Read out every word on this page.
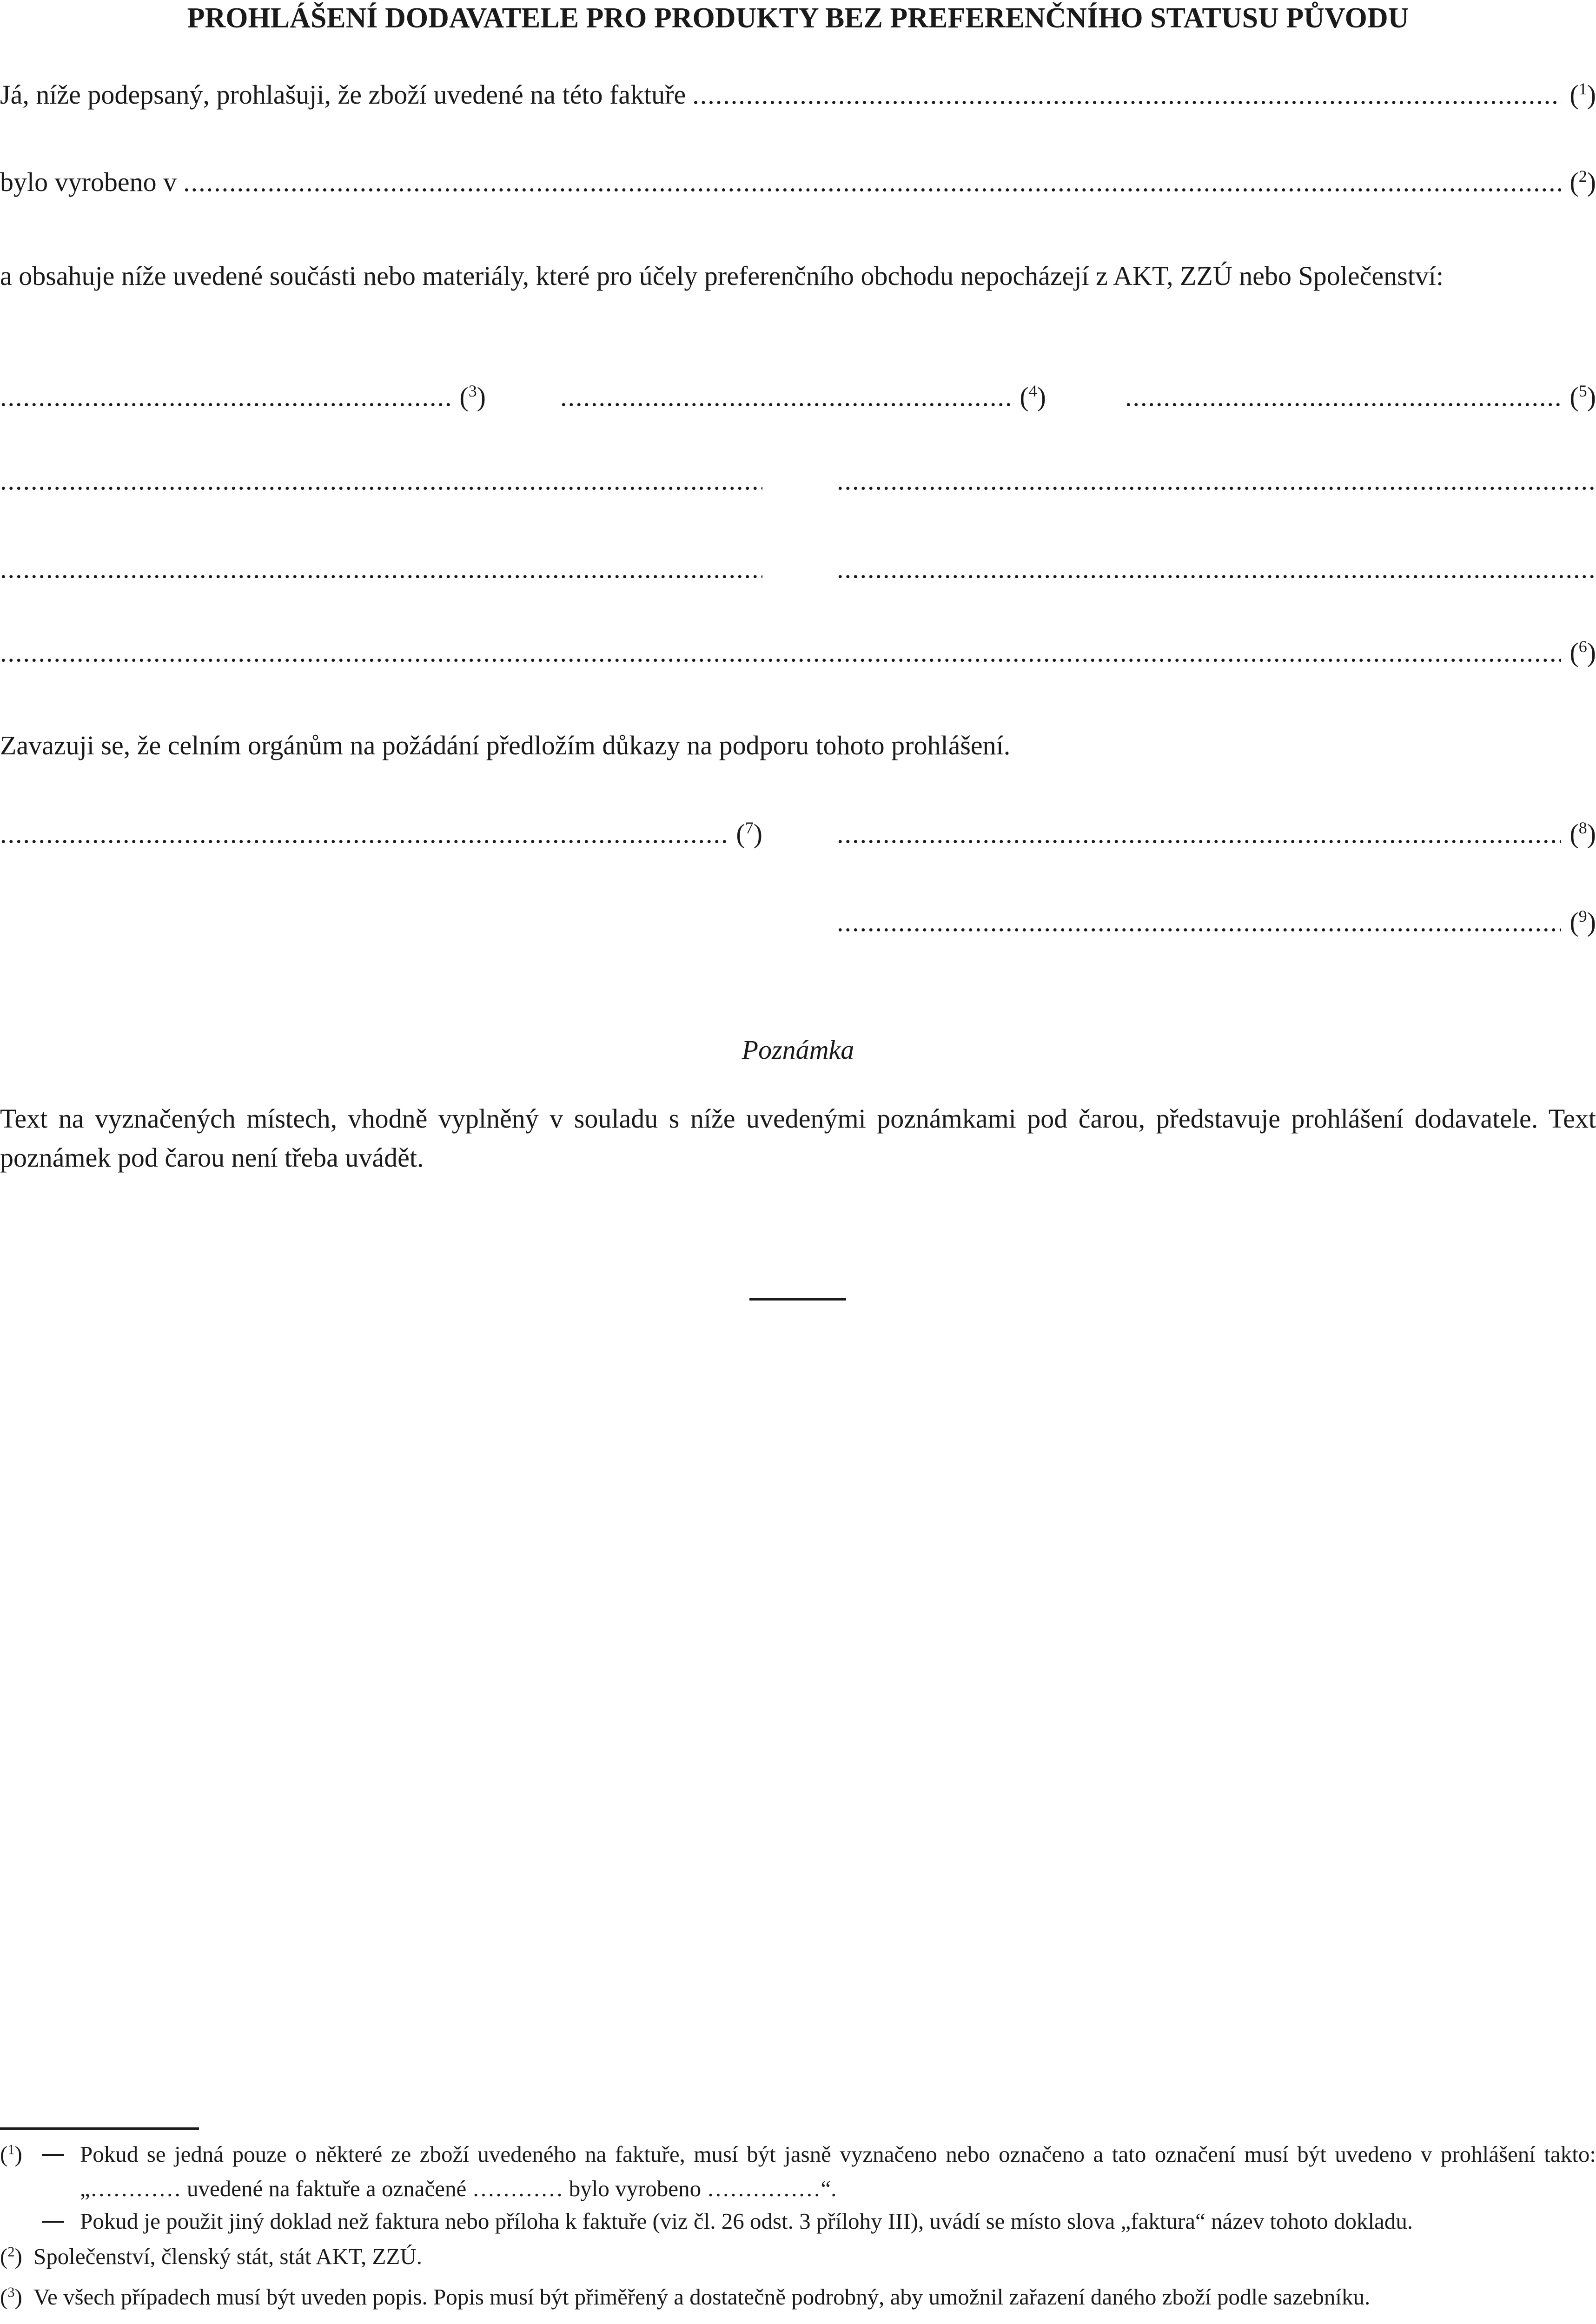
PROHLÁŠENÍ DODAVATELE PRO PRODUKTY BEZ PREFERENČNÍHO STATUSU PŮVODU
Já, níže podepsaný, prohlašuji, že zboží uvedené na této faktuře .....	($^1$)
bylo vyrobeno v .....	($^2$)
a obsahuje níže uvedené součásti nebo materiály, které pro účely preferenčního obchodu nepocházejí z AKT, ZZÚ nebo Společenství:
.....
($^3$) .....	($^4$) .....	($^5$)
.....
.....
.....
.....
.....
($^6$)
Zavazuji se, že celním orgánům na požádání předložím důkazy na podporu tohoto prohlášení.
.....
($^7$) .....	($^8$)
.....
($^9$)
Poznámka
Text na vyznačených místech, vhodně vyplněný v souladu s níže uvedenými poznámkami pod čarou, představuje prohlášení dodavatele. Text poznámek pod čarou není třeba uvádět.
($^1$)	Pokud se jedná pouze o některé ze zboží uvedeného na faktuře, musí být jasně vyznačeno nebo označeno a tato označení musí být uvedeno v prohlášení takto: „………… uvedené na faktuře a označené ………… bylo vyrobeno ……………“.
Pokud je použit jiný doklad než faktura nebo příloha k faktuře (viz čl. 26 odst. 3 přílohy III), uvádí se místo slova „faktura“ název tohoto dokladu.
($^2$) Společenství, členský stát, stát AKT, ZZÚ.
($^3$) Ve všech případech musí být uveden popis. Popis musí být přiměřený a dostatečně podrobný, aby umožnil zařazení daného zboží podle sazebníku.
